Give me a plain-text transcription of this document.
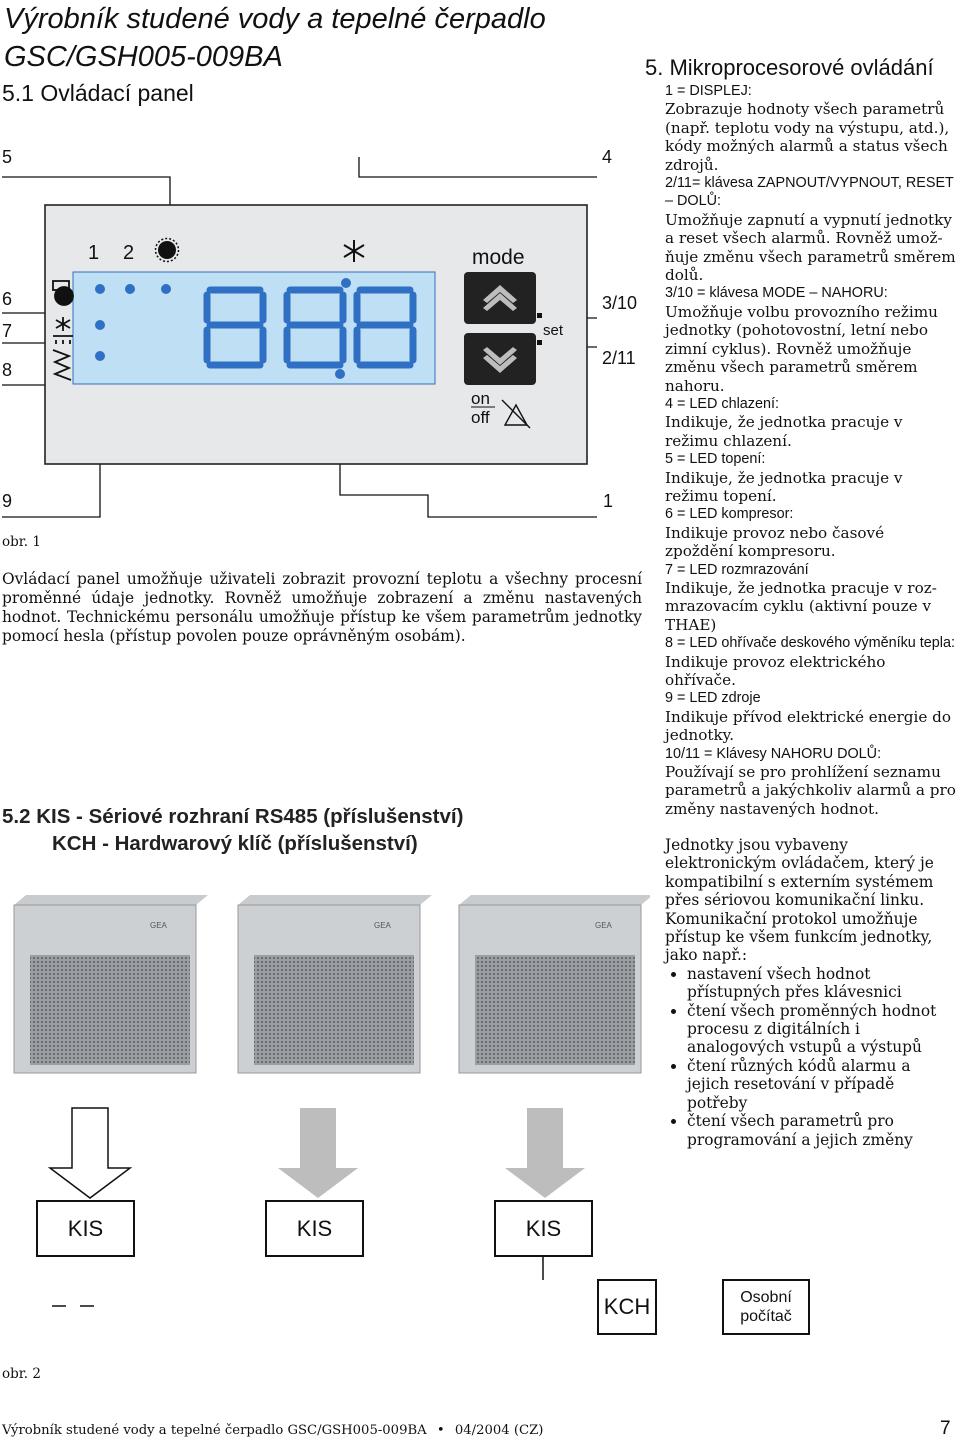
Výrobník studené vody a tepelné čerpadlo
GSC/GSH005-009BA
5.1 Ovládací panel
1 2	mode
set
on
off
5	4
6
7
8
9	1
3/10
2/11
obr. 1
Ovládací panel umožňuje uživateli zobrazit provozní teplotu a všechny procesní proměnné údaje jednotky. Rovněž umožňuje zobrazení a změnu nastavených hodnot. Technickému personálu umožňuje přístup ke všem parametrům jednotky pomocí hesla (přístup povolen pouze oprávněným osobám).
5. Mikroprocesorové ovládání
1 = DISPLEJ:
Zobrazuje hodnoty všech parametrů (např. teplotu vody na výstupu, atd.), kódy možných alarmů a status všech zdrojů.
2/11= klávesa ZAPNOUT/VYPNOUT, RESET – DOLŮ:
Umožňuje zapnutí a vypnutí jednotky a reset všech alarmů. Rovněž umož-ňuje změnu všech parametrů směrem dolů.
3/10 = klávesa MODE – NAHORU:
Umožňuje volbu provozního režimu jednotky (pohotovostní, letní nebo zimní cyklus). Rovněž umožňuje změnu všech parametrů směrem nahoru.
4 = LED chlazení:
Indikuje, že jednotka pracuje v režimu chlazení.
5 = LED topení:
Indikuje, že jednotka pracuje v režimu topení.
6 = LED kompresor:
Indikuje provoz nebo časové zpoždění kompresoru.
7 = LED rozmrazování
Indikuje, že jednotka pracuje v roz-mrazovacím cyklu (aktivní pouze v THAE)
8 = LED ohřívače deskového výměníku tepla:
Indikuje provoz elektrického ohřívače.
9 = LED zdroje
Indikuje přívod elektrické energie do jednotky.
10/11 = Klávesy NAHORU DOLŮ:
Používají se pro prohlížení seznamu parametrů a jakýchkoliv alarmů a pro změny nastavených hodnot.
5.2 KIS - Sériové rozhraní RS485 (příslušenství)
KCH - Hardwarový klíč (příslušenství)
GEA	GEA	GEA
obr. 2
KIS	KIS	KIS
KCH	Osobní
počítač
Jednotky jsou vybaveny elektronickým ovládačem, který je kompatibilní s externím systémem přes sériovou komunikační linku. Komunikační protokol umožňuje přístup ke všem funkcím jednotky, jako např.:
• nastavení všech hodnot přístupných přes klávesnici
• čtení všech proměnných hodnot procesu z digitálních i analogových vstupů a výstupů
• čtení různých kódů alarmu a jejich resetování v případě potřeby
• čtení všech parametrů pro programování a jejich změny
Výrobník studené vody a tepelné čerpadlo GSC/GSH005-009BA • 04/2004 (CZ)	7
